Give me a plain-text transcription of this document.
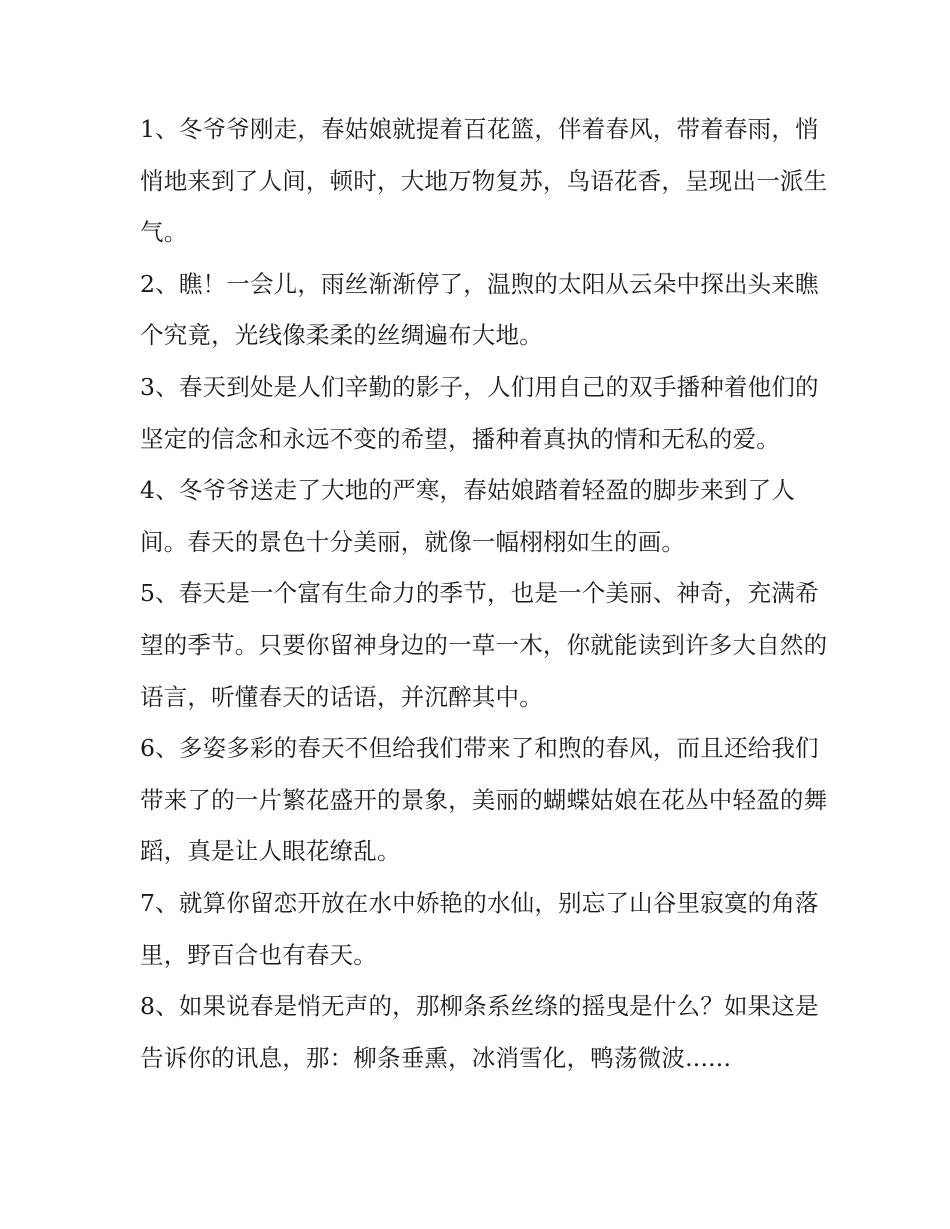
1、冬爷爷刚走，春姑娘就提着百花篮，伴着春风，带着春雨，悄悄地来到了人间，顿时，大地万物复苏，鸟语花香，呈现出一派生气。

2、瞧！一会儿，雨丝渐渐停了，温煦的太阳从云朵中探出头来瞧个究竟，光线像柔柔的丝绸遍布大地。

3、春天到处是人们辛勤的影子，人们用自己的双手播种着他们的坚定的信念和永远不变的希望，播种着真执的情和无私的爱。

4、冬爷爷送走了大地的严寒，春姑娘踏着轻盈的脚步来到了人间。春天的景色十分美丽，就像一幅栩栩如生的画。

5、春天是一个富有生命力的季节，也是一个美丽、神奇，充满希望的季节。只要你留神身边的一草一木，你就能读到许多大自然的语言，听懂春天的话语，并沉醉其中。

6、多姿多彩的春天不但给我们带来了和煦的春风，而且还给我们带来了的一片繁花盛开的景象，美丽的蝴蝶姑娘在花丛中轻盈的舞蹈，真是让人眼花缭乱。

7、就算你留恋开放在水中娇艳的水仙，别忘了山谷里寂寞的角落里，野百合也有春天。

8、如果说春是悄无声的，那柳条系丝绦的摇曳是什么？如果这是告诉你的讯息，那：柳条垂熏，冰消雪化，鸭荡微波......
